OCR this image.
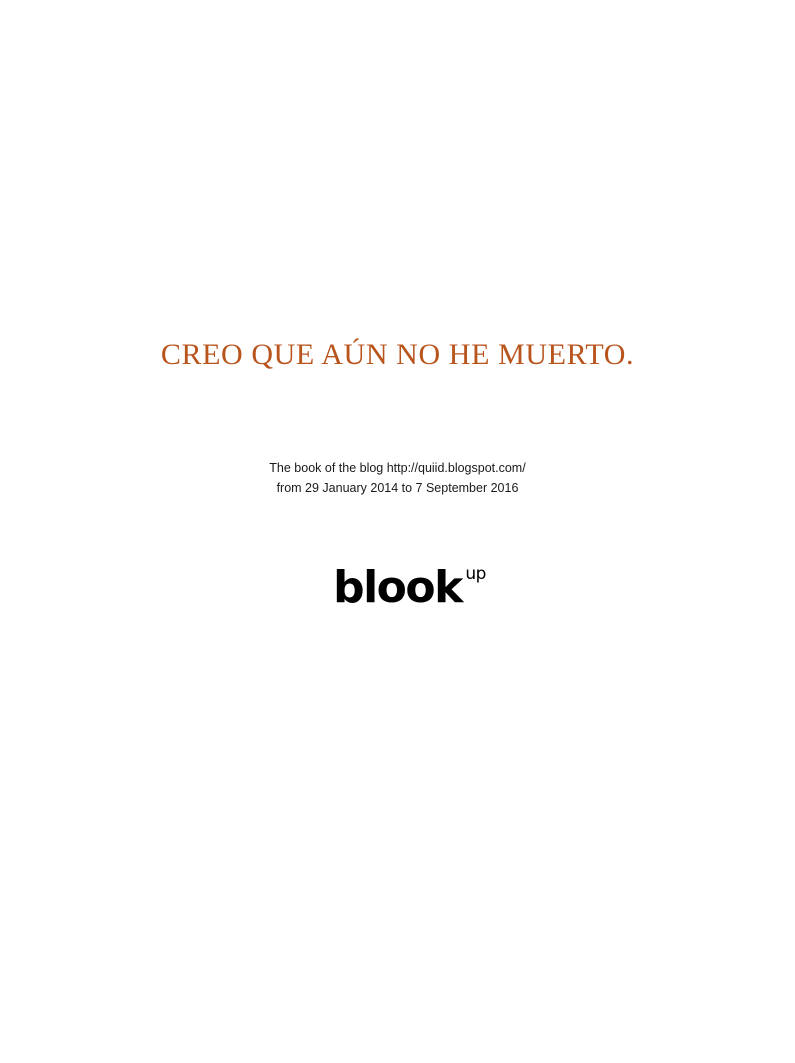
CREO QUE AÚN NO HE MUERTO.
The book of the blog http://quiid.blogspot.com/
from 29 January 2014 to 7 September 2016
blook up
